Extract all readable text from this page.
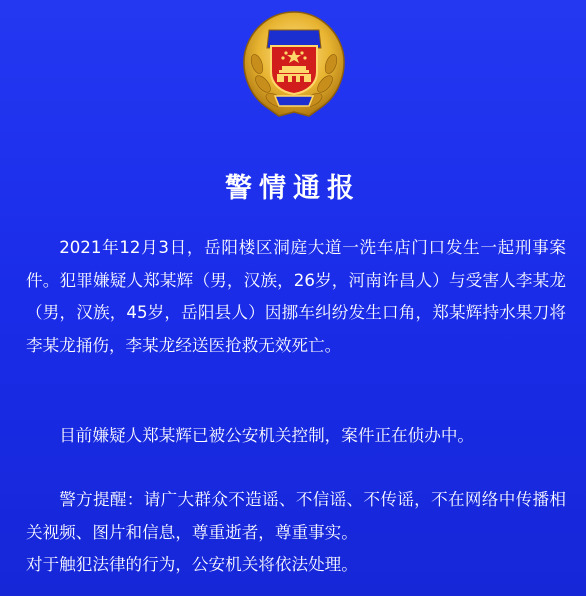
警情通报

2021年12月3日，岳阳楼区洞庭大道一洗车店门口发生一起刑事案件。犯罪嫌疑人郑某辉（男，汉族，26岁，河南许昌人）与受害人李某龙（男，汉族，45岁，岳阳县人）因挪车纠纷发生口角，郑某辉持水果刀将李某龙捅伤，李某龙经送医抢救无效死亡。

目前嫌疑人郑某辉已被公安机关控制，案件正在侦办中。

警方提醒：请广大群众不造谣、不信谣、不传谣，不在网络中传播相关视频、图片和信息，尊重逝者，尊重事实。

对于触犯法律的行为，公安机关将依法处理。
